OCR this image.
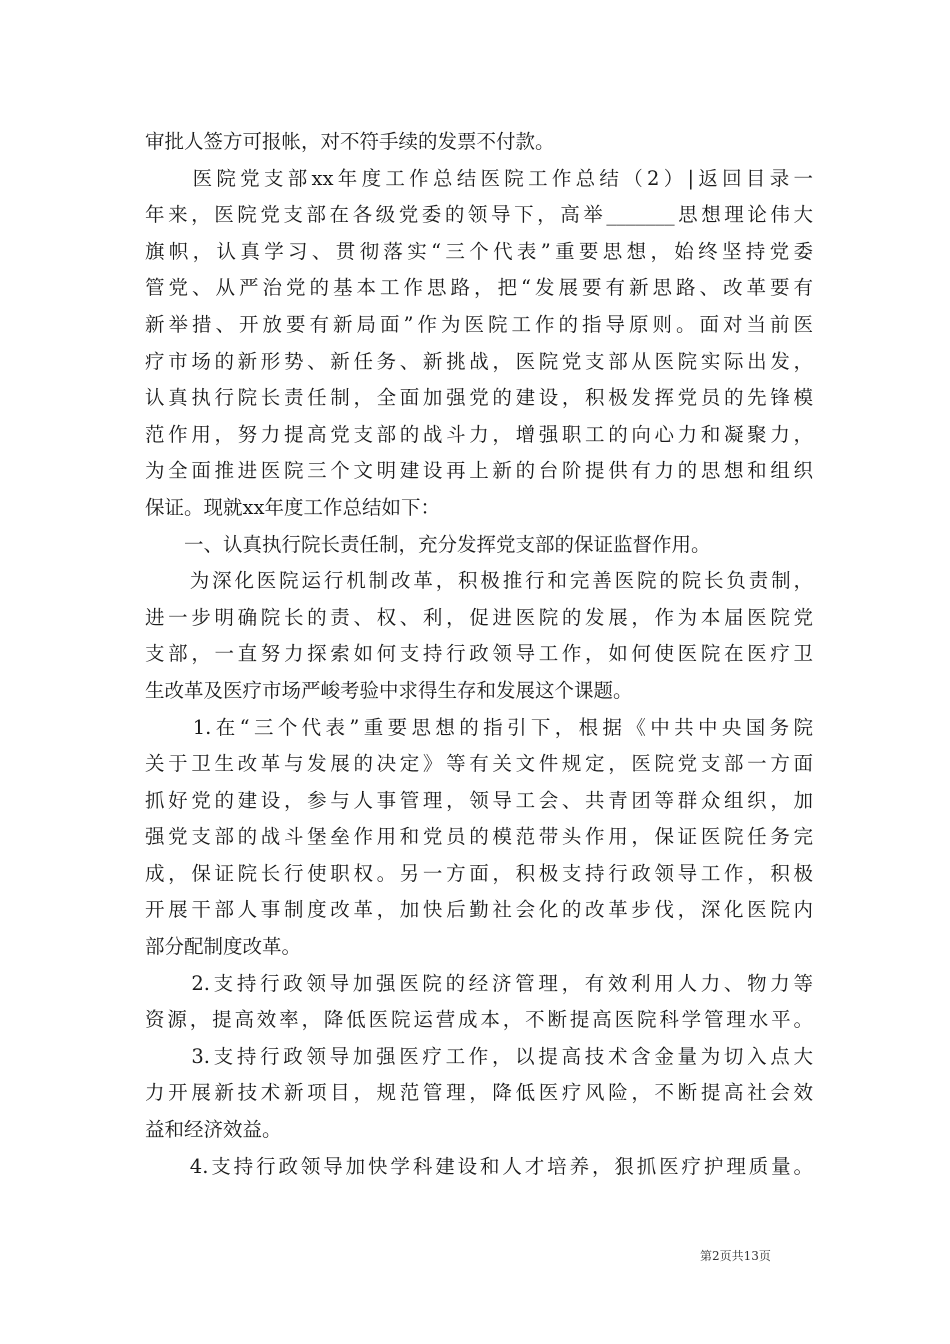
审批人签方可报帐，对不符手续的发票不付款。
　　医院党支部xx年度工作总结医院工作总结（2）|返回目录一
年来，医院党支部在各级党委的领导下，高举_______思想理论伟大
旗帜，认真学习、贯彻落实“三个代表”重要思想，始终坚持党委
管党、从严治党的基本工作思路，把“发展要有新思路、改革要有
新举措、开放要有新局面”作为医院工作的指导原则。面对当前医
疗市场的新形势、新任务、新挑战，医院党支部从医院实际出发，
认真执行院长责任制，全面加强党的建设，积极发挥党员的先锋模
范作用，努力提高党支部的战斗力，增强职工的向心力和凝聚力，
为全面推进医院三个文明建设再上新的台阶提供有力的思想和组织
保证。现就xx年度工作总结如下：
　　一、认真执行院长责任制，充分发挥党支部的保证监督作用。
　　为深化医院运行机制改革，积极推行和完善医院的院长负责制，
进一步明确院长的责、权、利，促进医院的发展，作为本届医院党
支部，一直努力探索如何支持行政领导工作，如何使医院在医疗卫
生改革及医疗市场严峻考验中求得生存和发展这个课题。
　　1.在“三个代表”重要思想的指引下，根据《中共中央国务院
关于卫生改革与发展的决定》等有关文件规定，医院党支部一方面
抓好党的建设，参与人事管理，领导工会、共青团等群众组织，加
强党支部的战斗堡垒作用和党员的模范带头作用，保证医院任务完
成，保证院长行使职权。另一方面，积极支持行政领导工作，积极
开展干部人事制度改革，加快后勤社会化的改革步伐，深化医院内
部分配制度改革。
　　2.支持行政领导加强医院的经济管理，有效利用人力、物力等
资源，提高效率，降低医院运营成本，不断提高医院科学管理水平。
　　3.支持行政领导加强医疗工作，以提高技术含金量为切入点大
力开展新技术新项目，规范管理，降低医疗风险，不断提高社会效
益和经济效益。
　　4.支持行政领导加快学科建设和人才培养，狠抓医疗护理质量。
第2页共13页
